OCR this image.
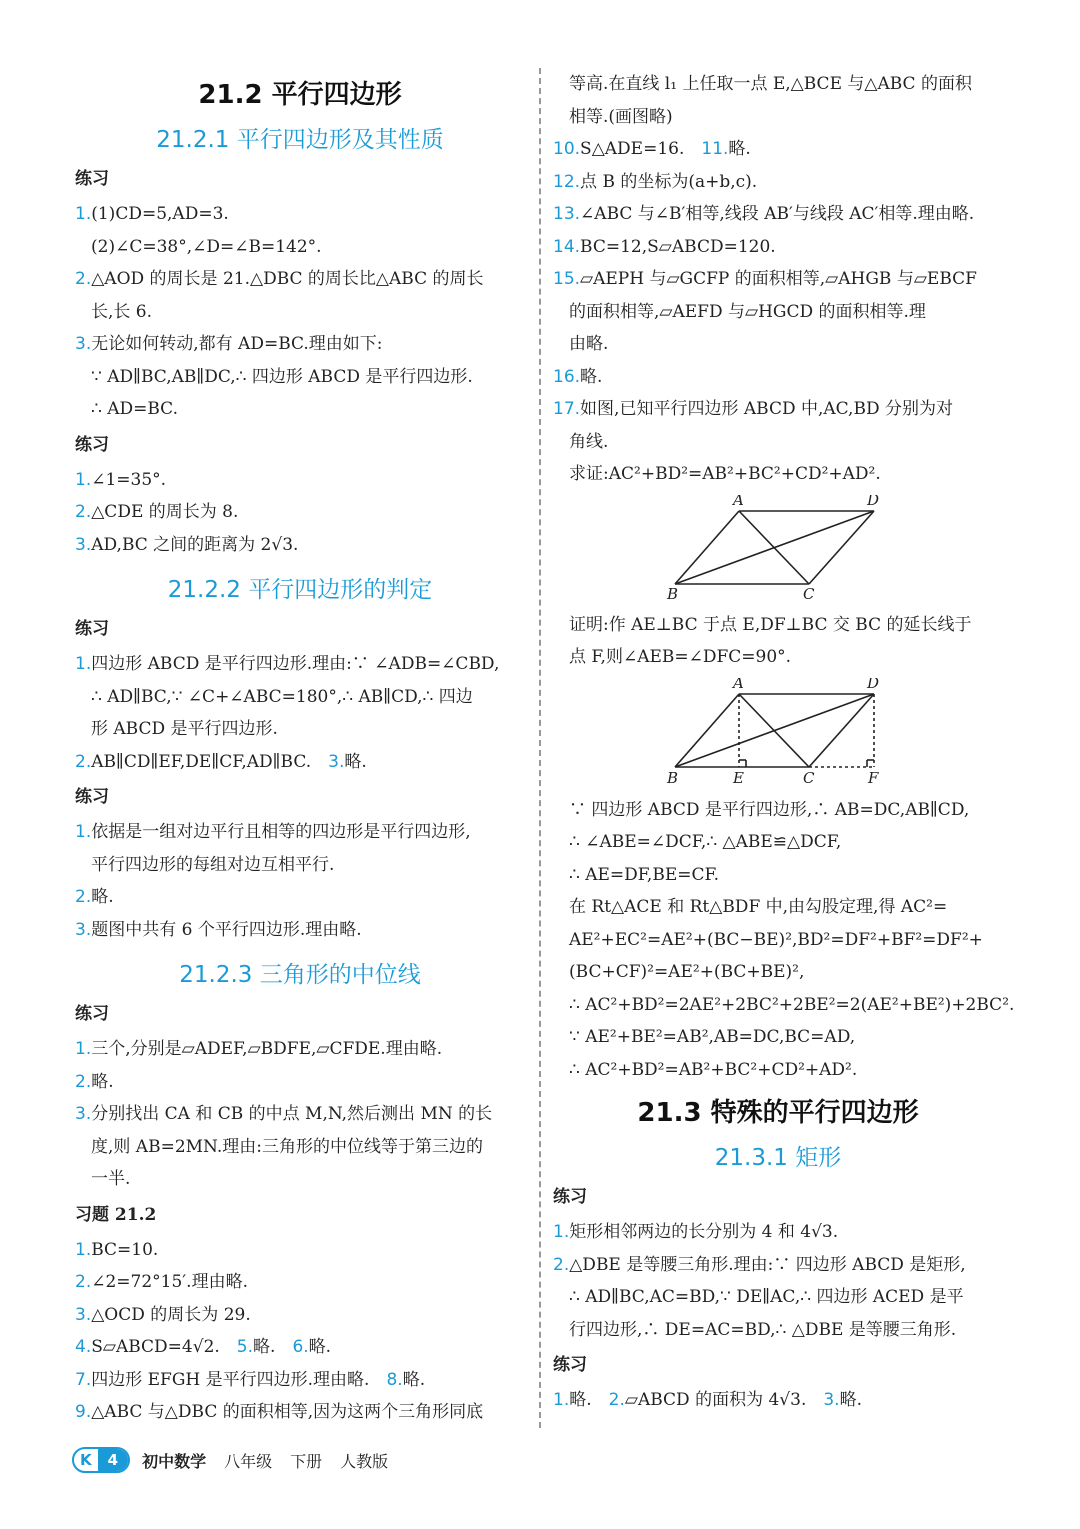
21.2 平行四边形
21.2.1 平行四边形及其性质
练习
1.(1)CD=5,AD=3.
(2)∠C=38°,∠D=∠B=142°.
2.△AOD 的周长是 21.△DBC 的周长比△ABC 的周长
长,长 6.
3.无论如何转动,都有 AD=BC.理由如下:
∵ AD∥BC,AB∥DC,∴ 四边形 ABCD 是平行四边形.
∴ AD=BC.
练习
1.∠1=35°.
2.△CDE 的周长为 8.
3.AD,BC 之间的距离为 2√3.
21.2.2 平行四边形的判定
练习
1.四边形 ABCD 是平行四边形.理由:∵ ∠ADB=∠CBD,
∴ AD∥BC,∵ ∠C+∠ABC=180°,∴ AB∥CD,∴ 四边
形 ABCD 是平行四边形.
2.AB∥CD∥EF,DE∥CF,AD∥BC.  3.略.
练习
1.依据是一组对边平行且相等的四边形是平行四边形,
平行四边形的每组对边互相平行.
2.略.
3.题图中共有 6 个平行四边形.理由略.
21.2.3 三角形的中位线
练习
1.三个,分别是▱ADEF,▱BDFE,▱CFDE.理由略.
2.略.
3.分别找出 CA 和 CB 的中点 M,N,然后测出 MN 的长
度,则 AB=2MN.理由:三角形的中位线等于第三边的
一半.
习题 21.2
1.BC=10.
2.∠2=72°15′.理由略.
3.△OCD 的周长为 29.
4.S▱ABCD=4√2.  5.略.  6.略.
7.四边形 EFGH 是平行四边形.理由略.  8.略.
9.△ABC 与△DBC 的面积相等,因为这两个三角形同底
等高.在直线 l₁ 上任取一点 E,△BCE 与△ABC 的面积
相等.(画图略)
10.S△ADE=16.  11.略.
12.点 B 的坐标为(a+b,c).
13.∠ABC 与∠B′相等,线段 AB′与线段 AC′相等.理由略.
14.BC=12,S▱ABCD=120.
15.▱AEPH 与▱GCFP 的面积相等,▱AHGB 与▱EBCF
的面积相等,▱AEFD 与▱HGCD 的面积相等.理
由略.
16.略.
17.如图,已知平行四边形 ABCD 中,AC,BD 分别为对
角线.
求证:AC²+BD²=AB²+BC²+CD²+AD².
A	D
B	C
证明:作 AE⊥BC 于点 E,DF⊥BC 交 BC 的延长线于
点 F,则∠AEB=∠DFC=90°.
A	D
B	E	C	F
∵ 四边形 ABCD 是平行四边形,∴ AB=DC,AB∥CD,
∴ ∠ABE=∠DCF,∴ △ABE≌△DCF,
∴ AE=DF,BE=CF.
在 Rt△ACE 和 Rt△BDF 中,由勾股定理,得 AC²=
AE²+EC²=AE²+(BC−BE)²,BD²=DF²+BF²=DF²+
(BC+CF)²=AE²+(BC+BE)²,
∴ AC²+BD²=2AE²+2BC²+2BE²=2(AE²+BE²)+2BC².
∵ AE²+BE²=AB²,AB=DC,BC=AD,
∴ AC²+BD²=AB²+BC²+CD²+AD².
21.3 特殊的平行四边形
21.3.1 矩形
练习
1.矩形相邻两边的长分别为 4 和 4√3.
2.△DBE 是等腰三角形.理由:∵ 四边形 ABCD 是矩形,
∴ AD∥BC,AC=BD,∵ DE∥AC,∴ 四边形 ACED 是平
行四边形,∴ DE=AC=BD,∴ △DBE 是等腰三角形.
练习
1.略.  2.▱ABCD 的面积为 4√3.  3.略.
K	4	初中数学 八年级 下册 人教版
